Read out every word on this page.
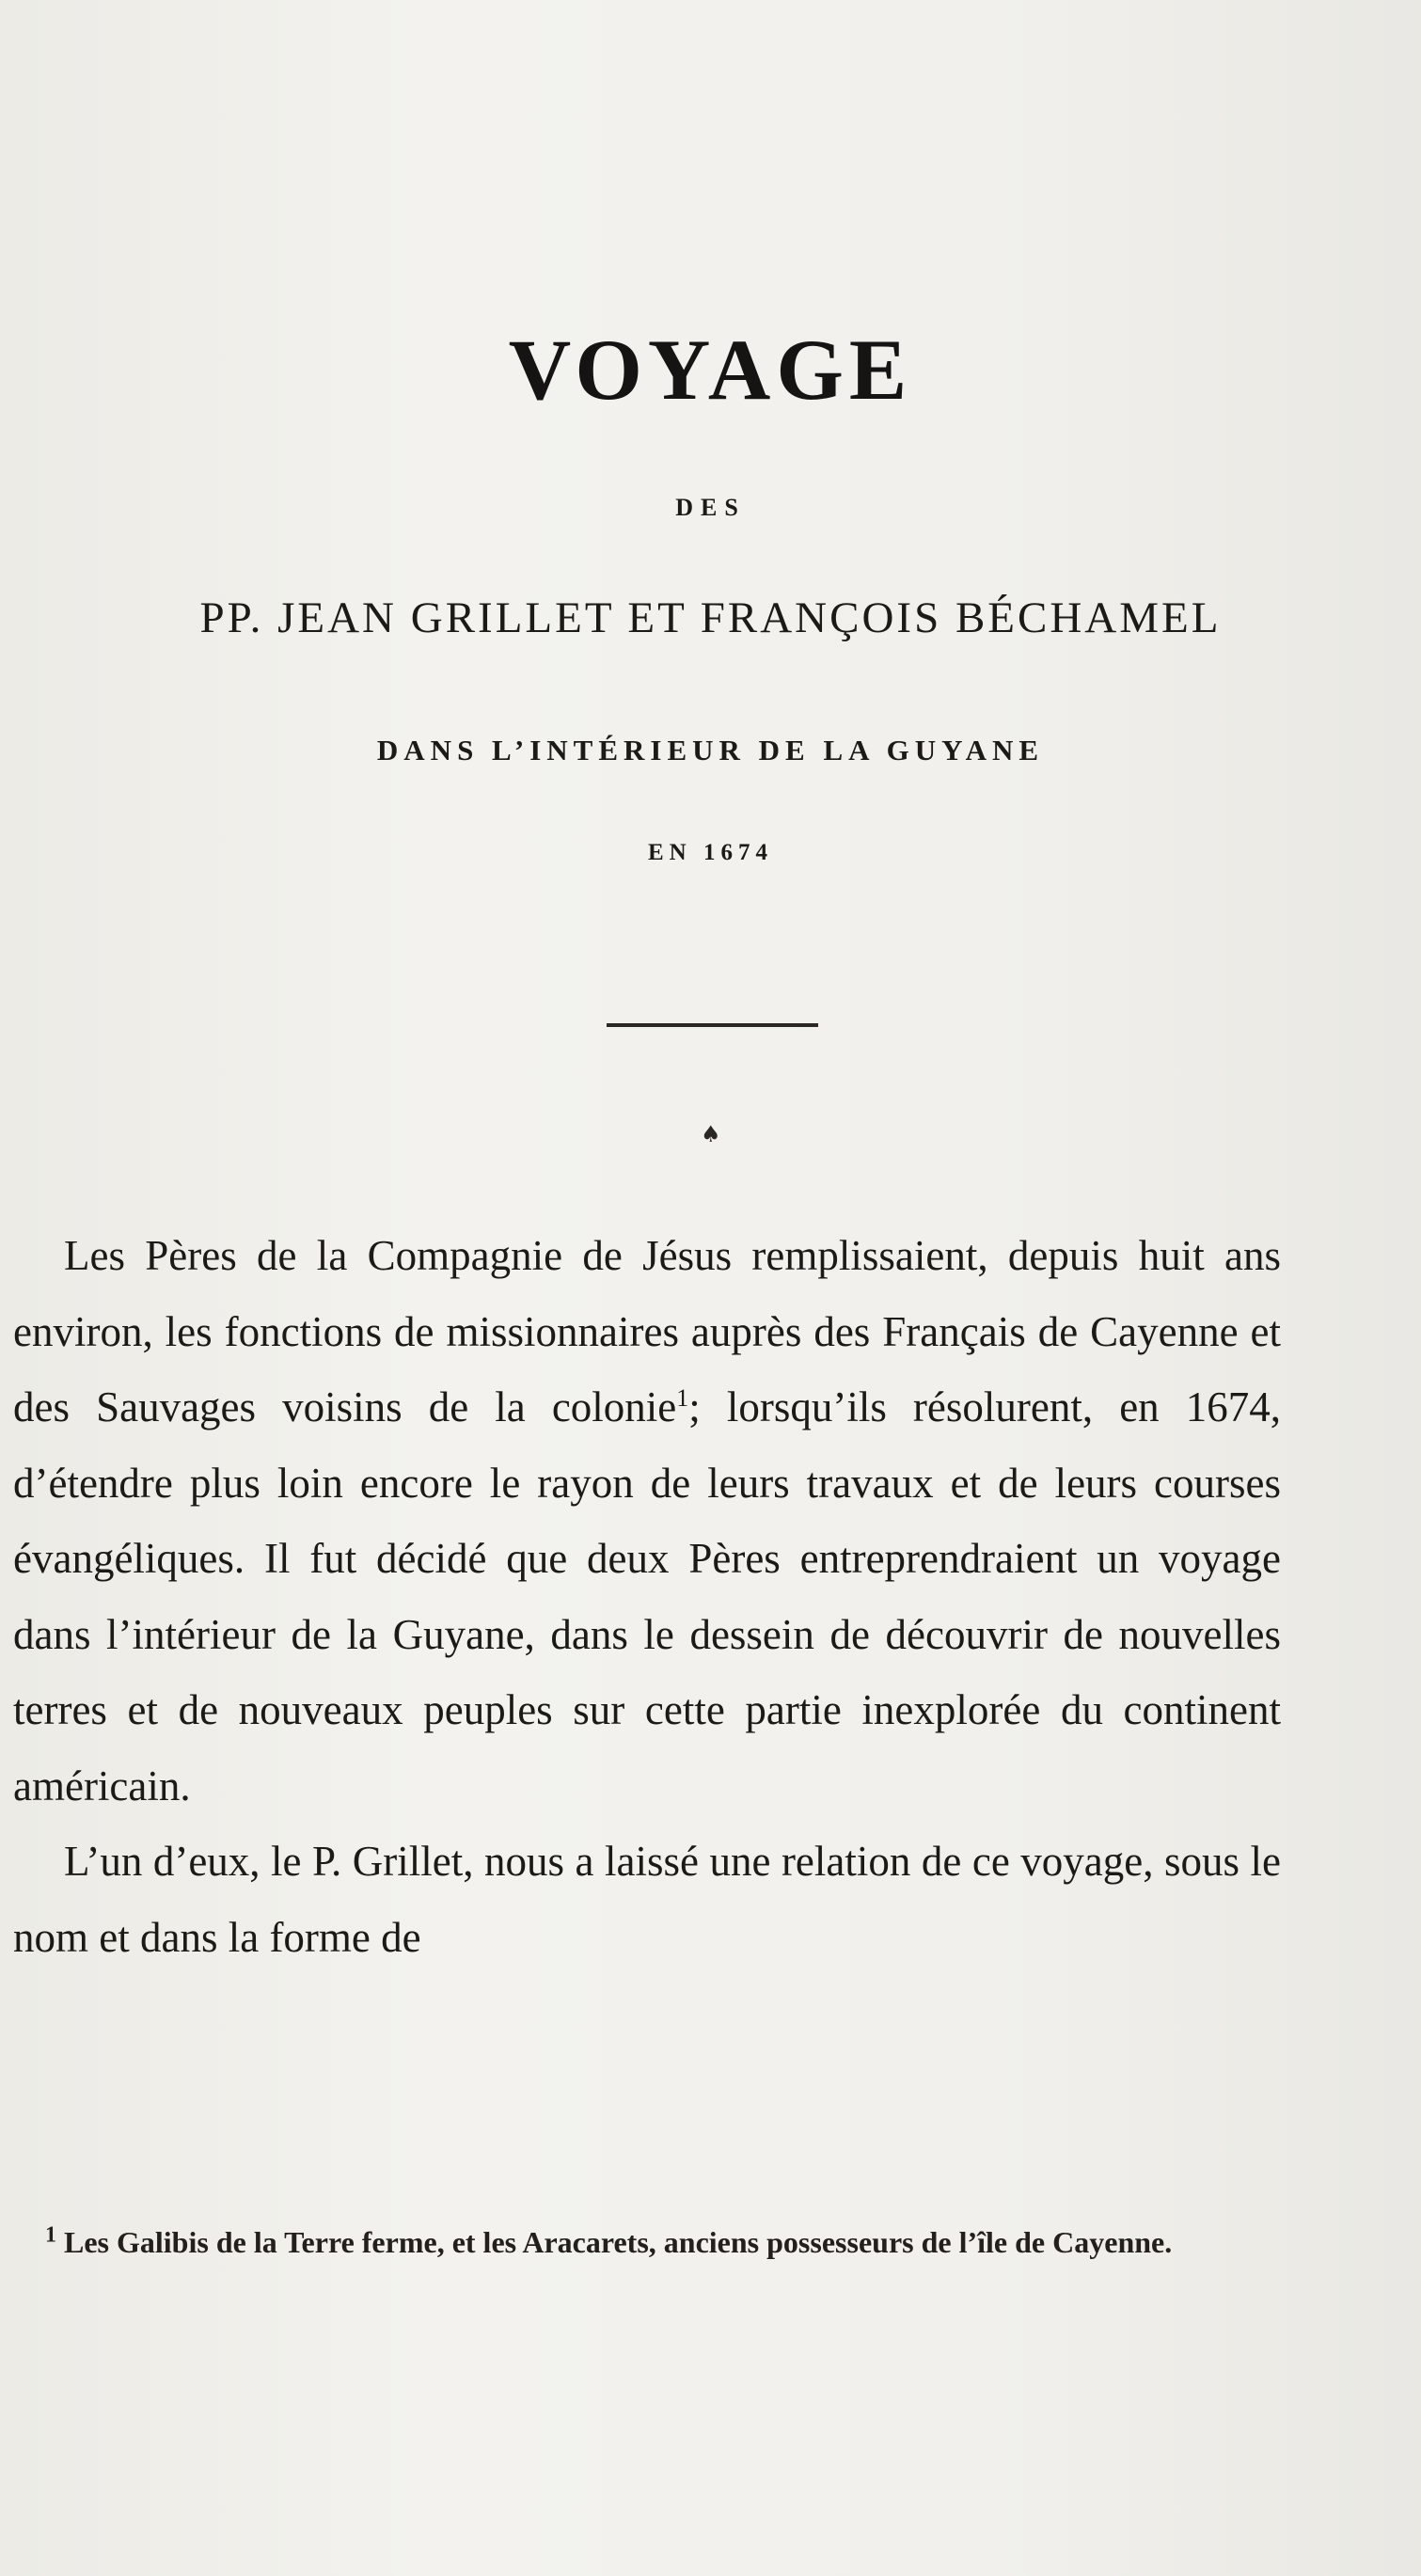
VOYAGE
DES
PP. JEAN GRILLET ET FRANÇOIS BÉCHAMEL
DANS L’INTÉRIEUR DE LA GUYANE
EN 1674
♠

Les Pères de la Compagnie de Jésus remplissaient, depuis huit ans environ, les fonctions de missionnaires auprès des Français de Cayenne et des Sauvages voisins de la colonie$^1$; lorsqu’ils résolurent, en 1674, d’étendre plus loin encore le rayon de leurs travaux et de leurs courses évangéliques. Il fut décidé que deux Pères entreprendraient un voyage dans l’intérieur de la Guyane, dans le dessein de découvrir de nouvelles terres et de nouveaux peuples sur cette partie inexplorée du continent américain.

L’un d’eux, le P. Grillet, nous a laissé une relation de ce voyage, sous le nom et dans la forme de

$^1$ Les Galibis de la Terre ferme, et les Aracarets, anciens possesseurs de l’île de Cayenne.
